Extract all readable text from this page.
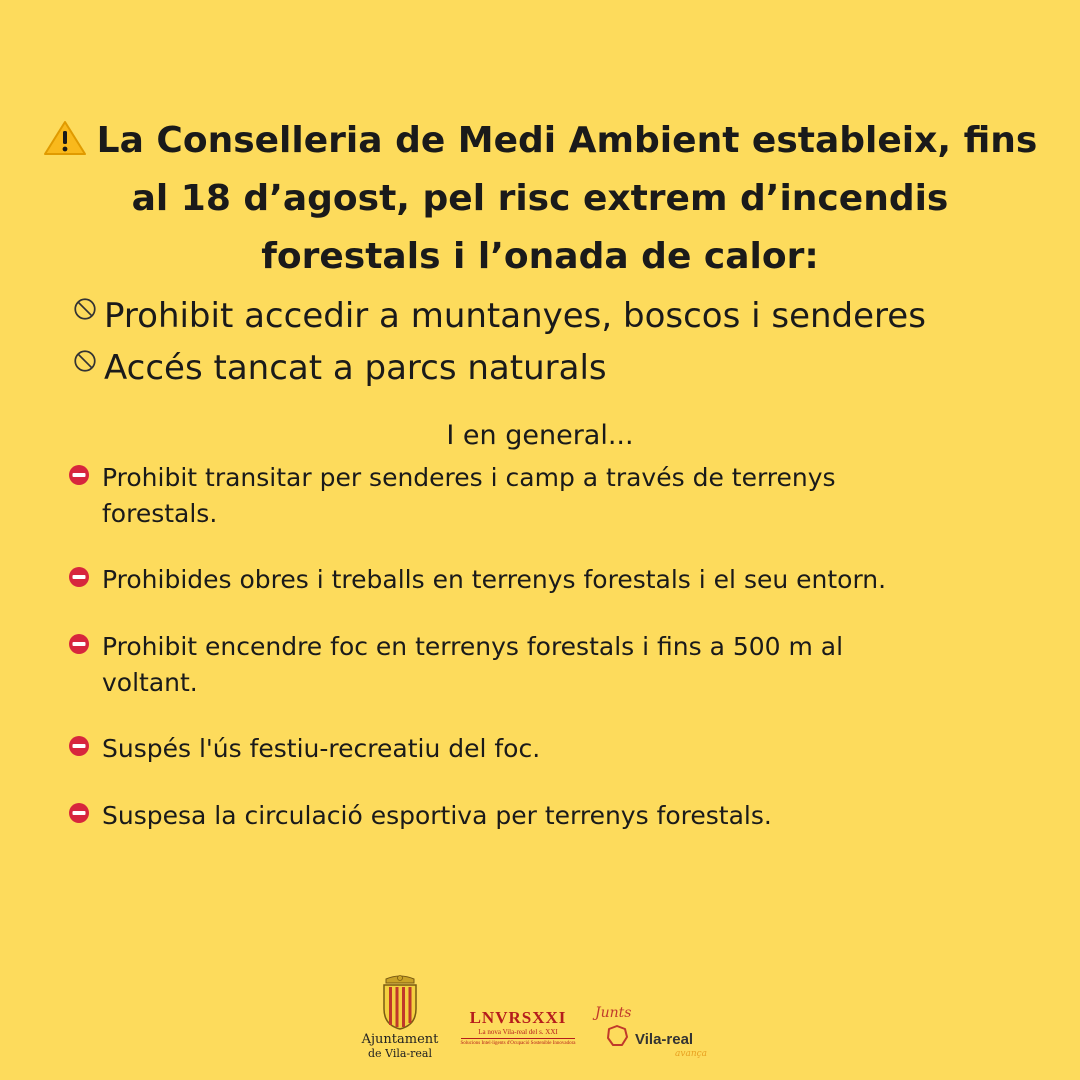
La Conselleria de Medi Ambient estableix, fins
al 18 d’agost, pel risc extrem d’incendis
forestals i l’onada de calor:
Prohibit accedir a muntanyes, boscos i senderes
Accés tancat a parcs naturals
I en general...
Prohibit transitar per senderes i camp a través de terrenys
forestals.
Prohibides obres i treballs en terrenys forestals i el seu entorn.
Prohibit encendre foc en terrenys forestals i fins a 500 m al
voltant.
Suspés l'ús festiu-recreatiu del foc.
Suspesa la circulació esportiva per terrenys forestals.
Ajuntament
de Vila-real
LNVRSXXI
La nova Vila-real del s. XXI
Solucions Intel·ligents d'Ocupació Sostenible Innovadora
Junts
Vila-real
avança
